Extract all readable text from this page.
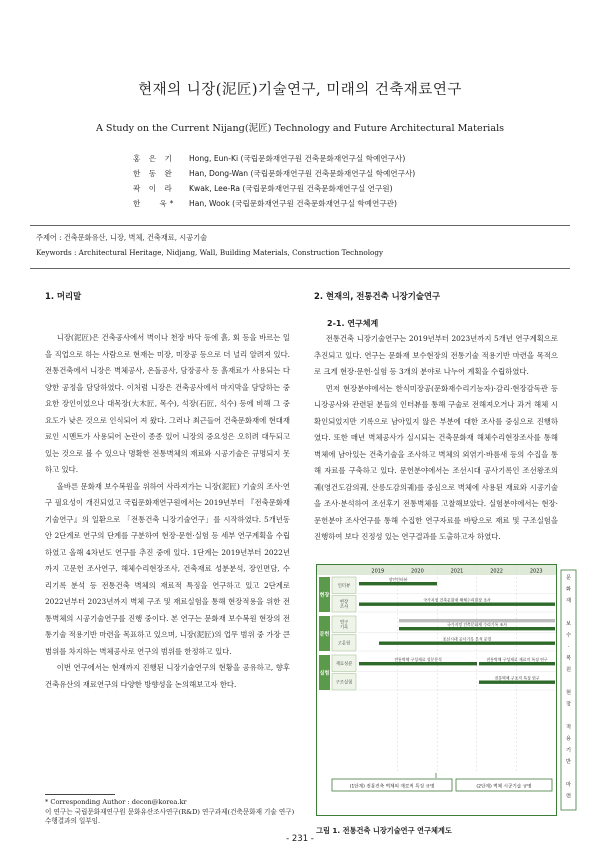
현재의 니장(泥匠)기술연구, 미래의 건축재료연구
A Study on the Current Nijang(泥匠) Technology and Future Architectural Materials
홍 은 기 Hong, Eun-Ki (국립문화재연구원 건축문화재연구실 학예연구사)
한 동 완 Han, Dong-Wan (국립문화재연구원 건축문화재연구실 학예연구사)
곽 이 라 Kwak, Lee-Ra (국립문화재연구원 건축문화재연구실 연구원)
한　 욱* Han, Wook (국립문화재연구원 건축문화재연구실 학예연구관)
주제어 : 건축문화유산, 니장, 벽체, 건축재료, 시공기술
Keywords : Architectural Heritage, Nidjang, Wall, Building Materials, Construction Technology
1. 머리말	2. 현재의, 전통건축 니장기술연구

니장(泥匠)은 건축공사에서 벽이나 천장 바닥 등에 흙, 회 등을 바르는 일을 직업으로 하는 사람으로 현재는 미장, 미장공 등으로 더 널리 알려져 있다. 전통건축에서 니장은 벽체공사, 온돌공사, 담장공사 등 흙재료가 사용되는 다양한 공정을 담당하였다. 이처럼 니장은 건축공사에서 마지막을 담당하는 중요한 장인이었으나 대목장(大木匠, 목수), 석장(石匠, 석수) 등에 비해 그 중요도가 낮은 것으로 인식되어 져 왔다. 그러나 최근들어 건축문화재에 현대재료인 시멘트가 사용되어 논란이 종종 있어 니장의 중요성은 오히려 대두되고 있는 것으로 볼 수 있으나 명확한 전통벽체의 재료와 시공기술은 규명되지 못하고 있다.

올바른 문화재 보수복원을 위하여 사라져가는 니장(泥匠) 기술의 조사·연구 필요성이 개진되었고 국립문화재연구원에서는 2019년부터 『전축문화재 기술연구』의 일환으로 「전통건축 니장기술연구」를 시작하였다. 5개년동안 2단계로 연구의 단계를 구분하여 현장·문헌·실험 등 세부 연구계획을 수립하였고 올해 4차년도 연구를 추진 중에 있다. 1단계는 2019년부터 2022년까지 고문헌 조사연구, 해체수리현장조사, 건축재료 성분분석, 장인면담, 수리기록 분석 등 전통건축 벽체의 재료적 특징을 연구하고 있고 2단계로 2022년부터 2023년까지 벽체 구조 및 재료실험을 통해 현장적용을 위한 전통벽체의 시공기술연구를 진행 중이다. 본 연구는 문화재 보수복원 현장의 전통기술 적용기반 마련을 목표하고 있으며, 니장(泥匠)의 업무 범위 중 가장 큰 범위를 차지하는 벽체공사로 연구의 범위를 한정하고 있다.

이번 연구에서는 현재까지 진행된 니장기술연구의 현황을 공유하고, 향후 건축유산의 재료연구의 다양한 방향성을 논의해보고자 한다.

2-1. 연구체계

전통건축 니장기술연구는 2019년부터 2023년까지 5개년 연구계획으로 추진되고 있다. 연구는 문화재 보수현장의 전통기술 적용기반 마련을 목적으로 크게 현장·문헌·실험 등 3개의 분야로 나누어 계획을 수립하였다.

먼저 현장분야에서는 한식미장공(문화재수리기능자)·감리·현장감독관 등 니장공사와 관련된 분들의 인터뷰를 통해 구술로 전해져오거나 과거 해체 시 확인되었지만 기록으로 남아있지 않은 부분에 대한 조사를 중심으로 진행하였다. 또한 매년 벽체공사가 실시되는 건축문화재 해체수리현장조사를 통해 벽체에 남아있는 건축기술을 조사하고 벽체의 외엮기·바름새 등의 수집을 통해 자료를 구축하고 있다. 문헌분야에서는 조선시대 공사기록인 조선왕조의궤(영건도감의궤, 산릉도감의궤)를 중심으로 벽체에 사용된 재료와 시공기술을 조사·분석하여 조선후기 전통벽체를 고찰해보았다. 실험분야에서는 현장·문헌분야 조사연구를 통해 수집한 연구자료를 바탕으로 재료 및 구조실험을 진행하여 보다 진정성 있는 연구결과를 도출하고자 하였다.

2019	2020	2021	2022	2023
현장
인터뷰
현장
조사
문헌
연구
기록
고문헌
실험
재료성분
구조실험
장인인터뷰
국가지정 건축문화재 해체수리현장 조사
국가지정 건축문화재 수리기록 조사
조선시대 공사기록 분석 문헌
전통벽체 구성재료 성분분석	전통벽체 구성재료 재료적 특징 연구
전통벽체 구조적 특징 연구
(1단계) 전통건축 벽체의 재료적 특징 규명	(2단계) 벽체 시공기술 규명
문
화
재
보
수
·
복
원
현
장
적
용
기
반
마
련
* Corresponding Author : decon@korea.kr
이 연구는 국립문화재연구원 문화유산조사연구(R&D) 연구과제(건축문화재 기술 연구) 수행결과의 일부임.
그림 1. 전통건축 니장기술연구 연구체계도
- 231 -
